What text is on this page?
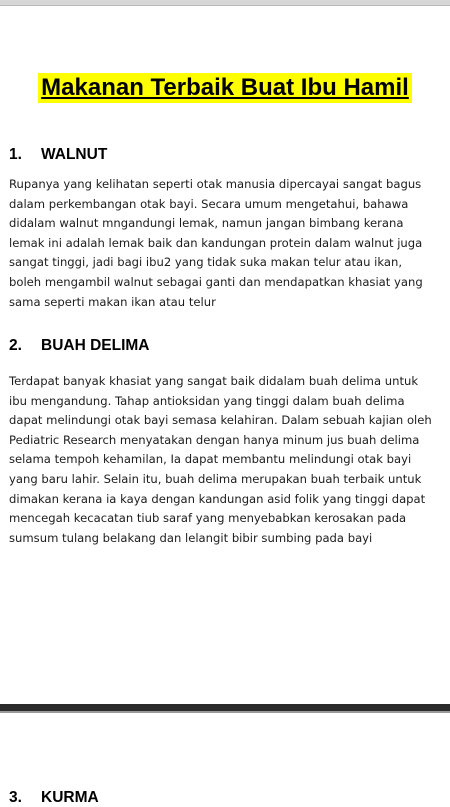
Makanan Terbaik Buat Ibu Hamil
1. WALNUT
Rupanya yang kelihatan seperti otak manusia dipercayai sangat bagus
dalam perkembangan otak bayi. Secara umum mengetahui, bahawa
didalam walnut mngandungi lemak, namun jangan bimbang kerana
lemak ini adalah lemak baik dan kandungan protein dalam walnut juga
sangat tinggi, jadi bagi ibu2 yang tidak suka makan telur atau ikan,
boleh mengambil walnut sebagai ganti dan mendapatkan khasiat yang
sama seperti makan ikan atau telur
2. BUAH DELIMA
Terdapat banyak khasiat yang sangat baik didalam buah delima untuk
ibu mengandung. Tahap antioksidan yang tinggi dalam buah delima
dapat melindungi otak bayi semasa kelahiran. Dalam sebuah kajian oleh
Pediatric Research menyatakan dengan hanya minum jus buah delima
selama tempoh kehamilan, Ia dapat membantu melindungi otak bayi
yang baru lahir. Selain itu, buah delima merupakan buah terbaik untuk
dimakan kerana ia kaya dengan kandungan asid folik yang tinggi dapat
mencegah kecacatan tiub saraf yang menyebabkan kerosakan pada
sumsum tulang belakang dan lelangit bibir sumbing pada bayi
3. KURMA
